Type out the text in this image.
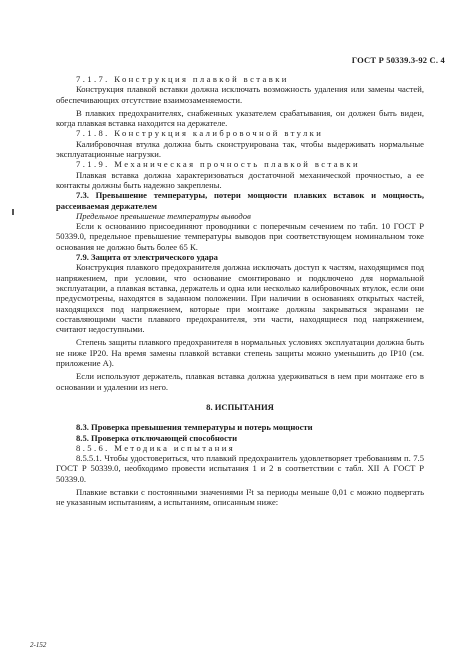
ГОСТ Р 50339.3-92 С. 4

7.1.7. Конструкция плавкой вставки

Конструкция плавкой вставки должна исключать возможность удаления или замены частей, обеспечивающих отсутствие взаимозаменяемости.

В плавких предохранителях, снабженных указателем срабатывания, он должен быть виден, когда плавкая вставка находится на держателе.

7.1.8. Конструкция калибровочной втулки

Калибровочная втулка должна быть сконструирована так, чтобы выдерживать нормальные эксплуатационные нагрузки.

7.1.9. Механическая прочность плавкой вставки

Плавкая вставка должна характеризоваться достаточной механической прочностью, а ее контакты должны быть надежно закреплены.

7.3. Превышение температуры, потери мощности плавких вставок и мощность, рассеиваемая держателем

Предельное превышение температуры выводов

Если к основанию присоединяют проводники с поперечным сечением по табл. 10 ГОСТ Р 50339.0, предельное превышение температуры выводов при соответствующем номинальном токе основания не должно быть более 65 К.

7.9. Защита от электрического удара

Конструкция плавкого предохранителя должна исключать доступ к частям, находящимся под напряжением, при условии, что основание смонтировано и подключено для нормальной эксплуатации, а плавкая вставка, держатель и одна или несколько калибровочных втулок, если они предусмотрены, находятся в заданном положении. При наличии в основаниях открытых частей, находящихся под напряжением, которые при монтаже должны закрываться экранами не составляющими части плавкого предохранителя, эти части, находящиеся под напряжением, считают недоступными.

Степень защиты плавкого предохранителя в нормальных условиях эксплуатации должна быть не ниже IP20. На время замены плавкой вставки степень защиты можно уменьшить до IP10 (см. приложение А).

Если используют держатель, плавкая вставка должна удерживаться в нем при монтаже его в основании и удалении из него.

8. ИСПЫТАНИЯ

8.3. Проверка превышения температуры и потерь мощности

8.5. Проверка отключающей способности

8.5.6. Методика испытания

8.5.5.1. Чтобы удостовериться, что плавкий предохранитель удовлетворяет требованиям п. 7.5 ГОСТ Р 50339.0, необходимо провести испытания 1 и 2 в соответствии с табл. XII А ГОСТ Р 50339.0.

Плавкие вставки с постоянными значениями I²t за периоды меньше 0,01 с можно подвергать не указанным испытаниям, а испытаниям, описанным ниже:

2-152
